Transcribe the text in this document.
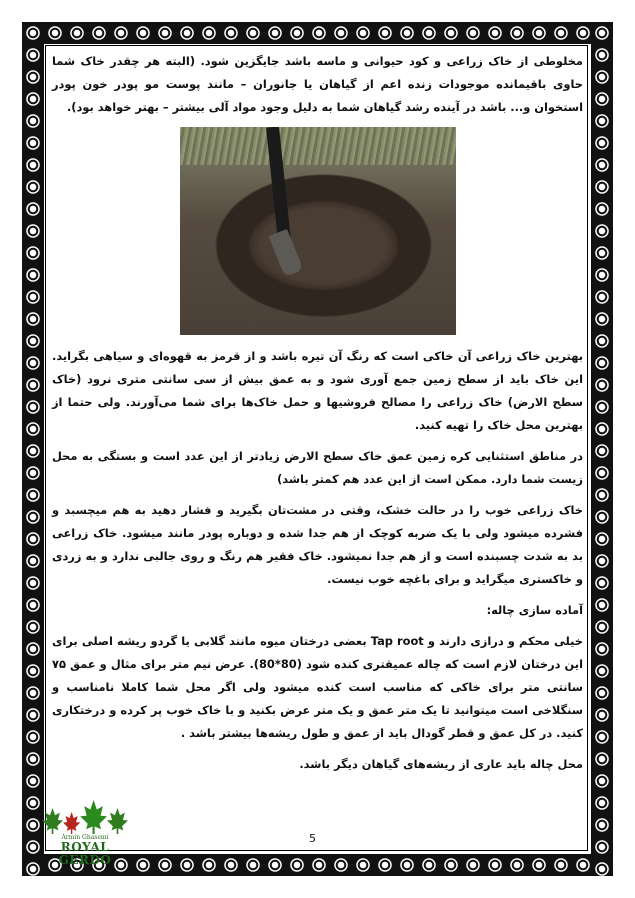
مخلوطی از خاک زراعی و کود حیوانی و ماسه باشد جایگزین شود. (البته هر چقدر خاک شما حاوی باقیمانده موجودات زنده اعم از گیاهان یا جانوران – مانند پوست مو پودر خون پودر استخوان و... باشد در آینده رشد گیاهان شما به دلیل وجود مواد آلی بیشتر – بهتر خواهد بود).

بهترین خاک زراعی آن خاکی است که رنگ آن تیره باشد و از قرمز به قهوه‌ای و سیاهی بگراید. این خاک باید از سطح زمین جمع آوری شود و به عمق بیش از سی سانتی متری نرود (خاک سطح الارض) خاک زراعی را مصالح فروشیها و حمل خاک‌ها برای شما می‌آورند. ولی حتما از بهترین محل خاک را تهیه کنید.

در مناطق استثنایی کره زمین عمق خاک سطح الارض زیادتر از این عدد است و بستگی به محل زیست شما دارد. ممکن است از این عدد هم کمتر باشد)

خاک زراعی خوب را در حالت خشک، وقتی در مشت‌تان بگیرید و فشار دهید به هم میچسبد و فشرده میشود ولی با یک ضربه کوچک از هم جدا شده و دوباره پودر مانند میشود. خاک زراعی بد به شدت چسبنده است و از هم جدا نمیشود. خاک فقیر هم رنگ و روی جالبی ندارد و به زردی و خاکستری میگراید و برای باغچه خوب نیست.

آماده سازی چاله:

خیلی محکم و درازی دارند و Tap root بعضی درختان میوه مانند گلابی یا گردو ریشه اصلی برای این درختان لازم است که چاله عمیقتری کنده شود (80*80). عرض نیم متر برای مثال و عمق ۷۵ سانتی متر برای خاکی که مناسب است کنده میشود ولی اگر محل شما کاملا نامناسب و سنگلاخی است میتوانید تا یک متر عمق و یک متر عرض بکنید و با خاک خوب پر کرده و درختکاری کنید. در کل عمق و قطر گودال باید از عمق و طول ریشه‌ها بیشتر باشد .

محل چاله باید عاری از ریشه‌های گیاهان دیگر باشد.

5
Armin Ghasemi
ROYAL GERDO
